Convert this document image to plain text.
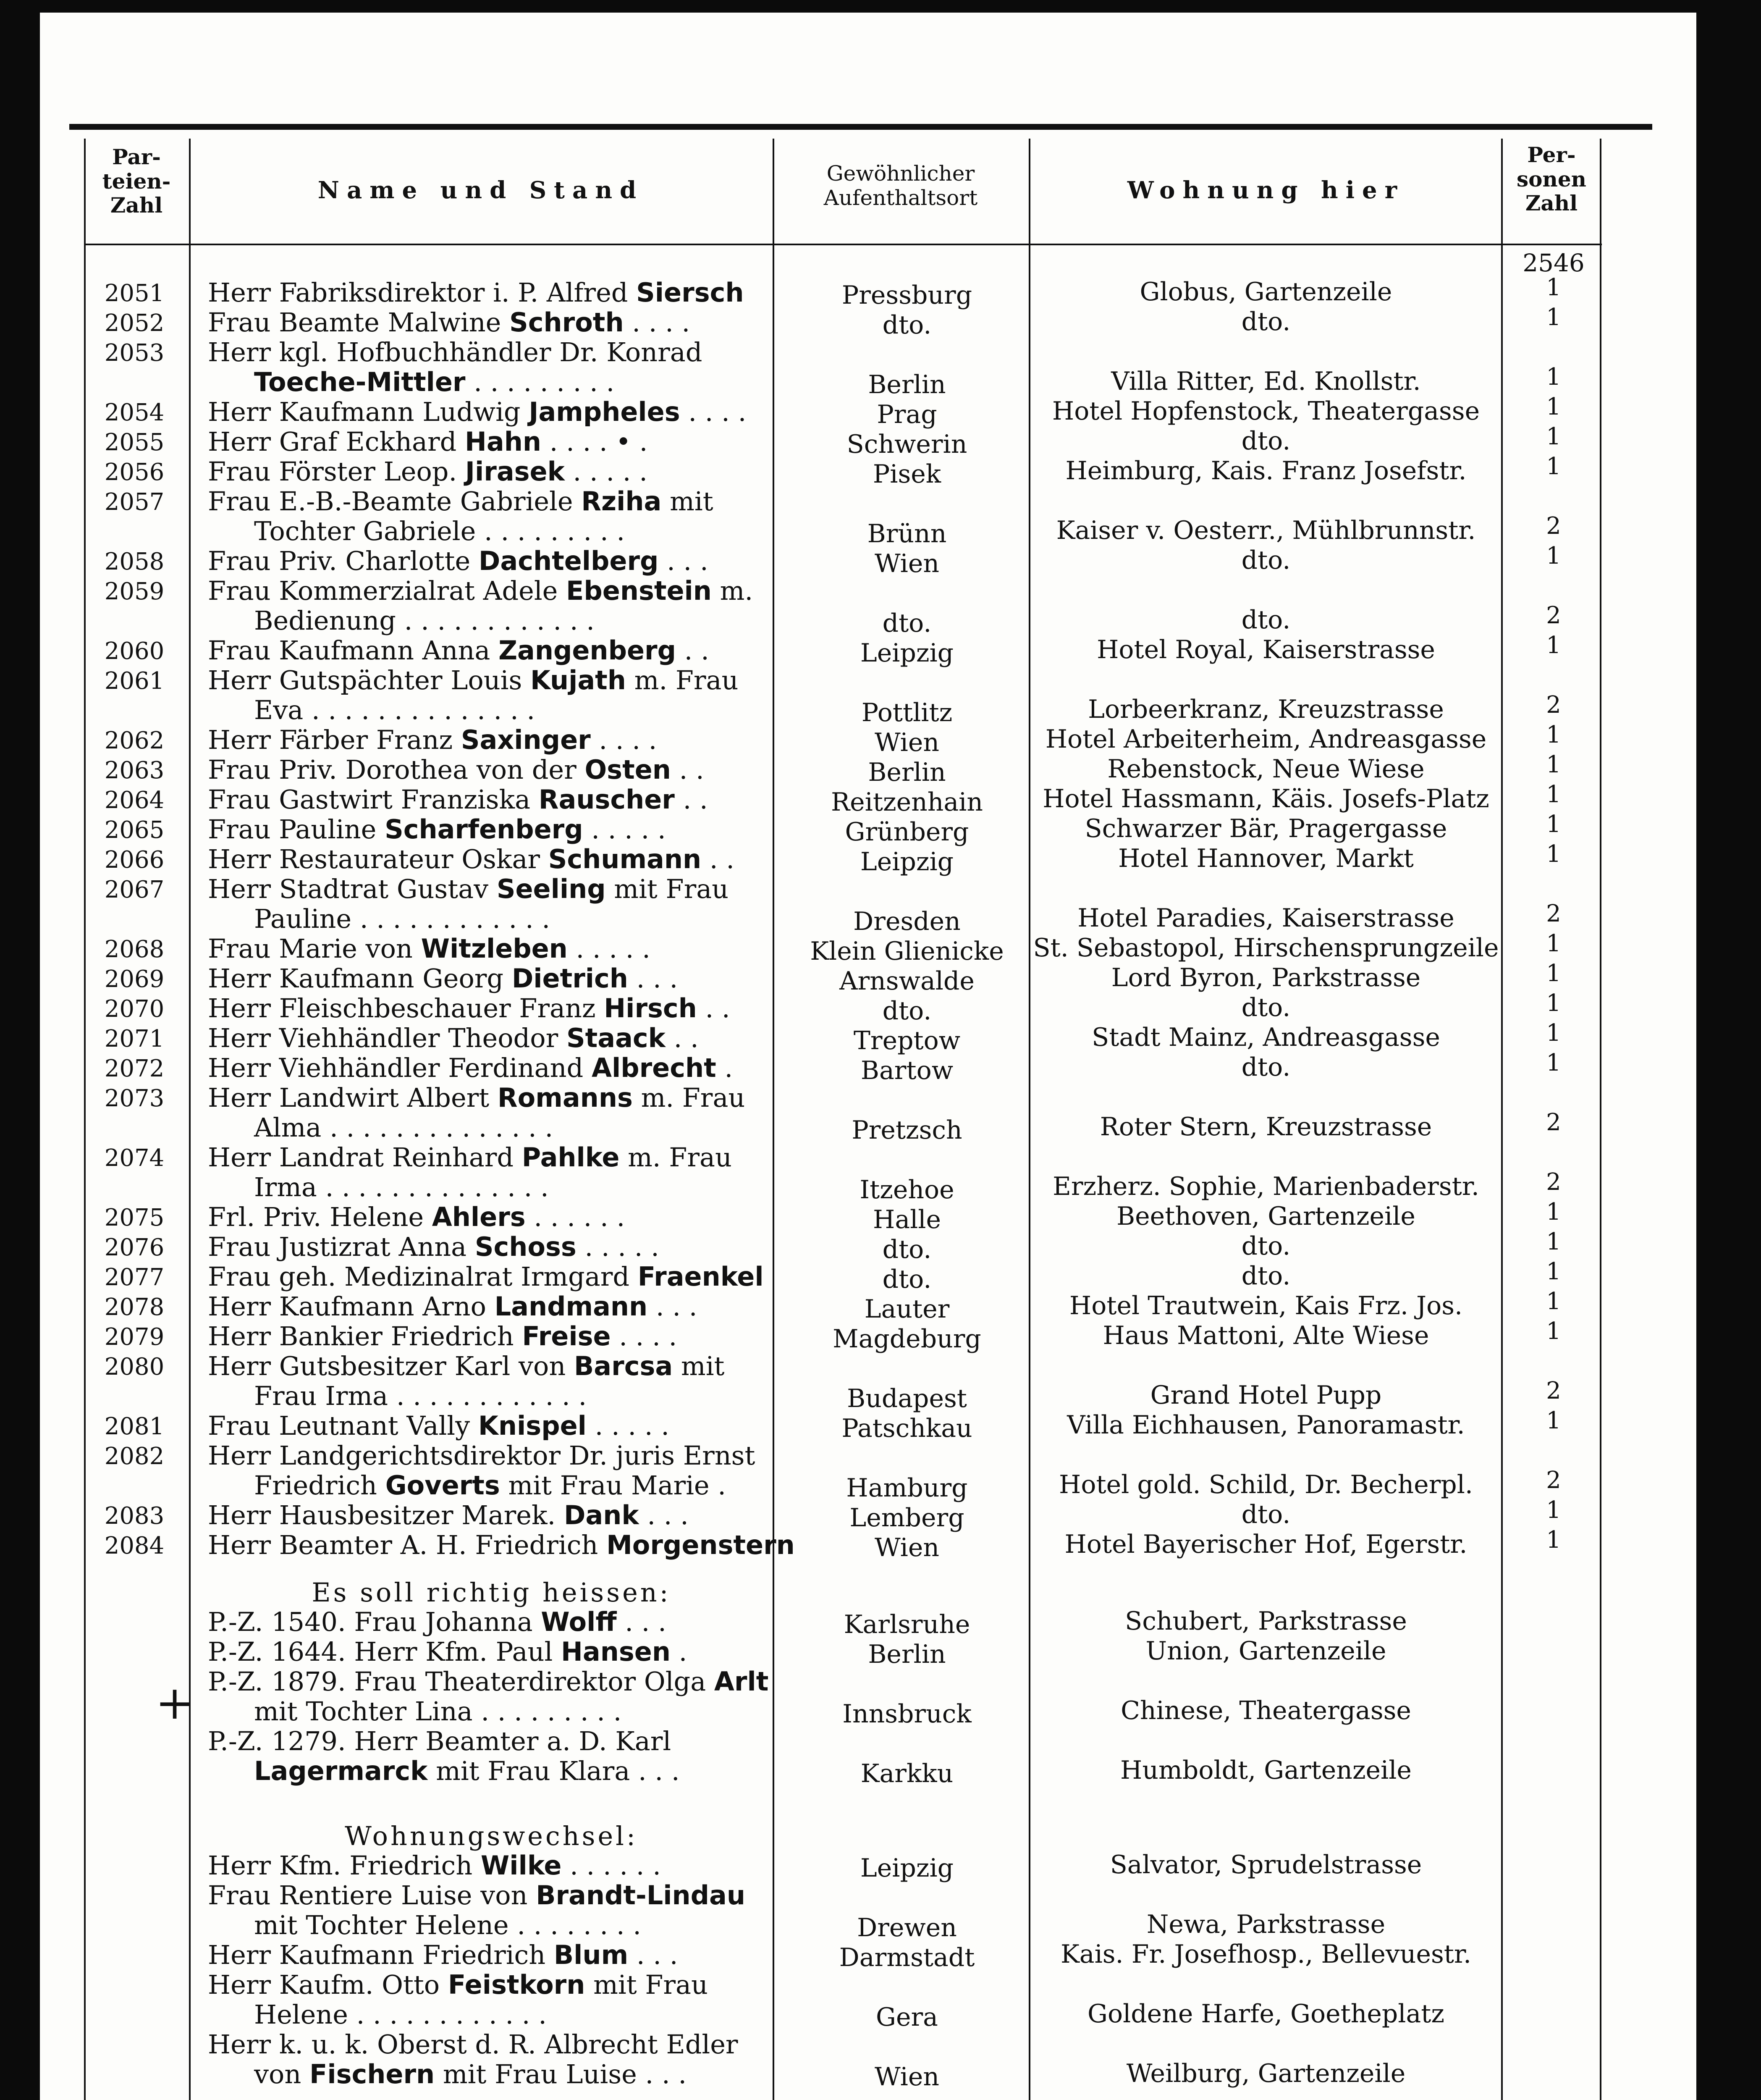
Par-
teien-
Zahl
Name und Stand
Gewöhnlicher
Aufenthaltsort	Wohnung hier
Per-
sonen
Zahl
2546
2051	Herr Fabriksdirektor i. P. Alfred Siersch	Pressburg	Globus, Gartenzeile	1
2052	Frau Beamte Malwine Schroth . . . .	dto.	dto.	1
2053	Herr kgl. Hofbuchhändler Dr. Konrad
Toeche-Mittler . . . . . . . . .	Berlin	Villa Ritter, Ed. Knollstr.	1
2054	Herr Kaufmann Ludwig Jampheles . . . .	Prag	Hotel Hopfenstock, Theatergasse	1
2055	Herr Graf Eckhard Hahn . . . . • .	Schwerin	dto.	1
2056	Frau Förster Leop. Jirasek . . . . .	Pisek	Heimburg, Kais. Franz Josefstr.	1
2057	Frau E.-B.-Beamte Gabriele Rziha mit
Tochter Gabriele . . . . . . . . .	Brünn	Kaiser v. Oesterr., Mühlbrunnstr.	2
2058	Frau Priv. Charlotte Dachtelberg . . .	Wien	dto.	1
2059	Frau Kommerzialrat Adele Ebenstein m.
Bedienung . . . . . . . . . . . .	dto.	dto.	2
2060	Frau Kaufmann Anna Zangenberg . .	Leipzig	Hotel Royal, Kaiserstrasse	1
2061	Herr Gutspächter Louis Kujath m. Frau
Eva . . . . . . . . . . . . . .	Pottlitz	Lorbeerkranz, Kreuzstrasse	2
2062	Herr Färber Franz Saxinger . . . .	Wien	Hotel Arbeiterheim, Andreasgasse	1
2063	Frau Priv. Dorothea von der Osten . .	Berlin	Rebenstock, Neue Wiese	1
2064	Frau Gastwirt Franziska Rauscher . .	Reitzenhain	Hotel Hassmann, Käis. Josefs-Platz	1
2065	Frau Pauline Scharfenberg . . . . .	Grünberg	Schwarzer Bär, Pragergasse	1
2066	Herr Restaurateur Oskar Schumann . .	Leipzig	Hotel Hannover, Markt	1
2067	Herr Stadtrat Gustav Seeling mit Frau
Pauline . . . . . . . . . . . .	Dresden	Hotel Paradies, Kaiserstrasse	2
2068	Frau Marie von Witzleben . . . . .	Klein Glienicke	St. Sebastopol, Hirschensprungzeile	1
2069	Herr Kaufmann Georg Dietrich . . .	Arnswalde	Lord Byron, Parkstrasse	1
2070	Herr Fleischbeschauer Franz Hirsch . .	dto.	dto.	1
2071	Herr Viehhändler Theodor Staack . .	Treptow	Stadt Mainz, Andreasgasse	1
2072	Herr Viehhändler Ferdinand Albrecht .	Bartow	dto.	1
2073	Herr Landwirt Albert Romanns m. Frau
Alma . . . . . . . . . . . . . .	Pretzsch	Roter Stern, Kreuzstrasse	2
2074	Herr Landrat Reinhard Pahlke m. Frau
Irma . . . . . . . . . . . . . .	Itzehoe	Erzherz. Sophie, Marienbaderstr.	2
2075	Frl. Priv. Helene Ahlers . . . . . .	Halle	Beethoven, Gartenzeile	1
2076	Frau Justizrat Anna Schoss . . . . .	dto.	dto.	1
2077	Frau geh. Medizinalrat Irmgard Fraenkel	dto.	dto.	1
2078	Herr Kaufmann Arno Landmann . . .	Lauter	Hotel Trautwein, Kais Frz. Jos.	1
2079	Herr Bankier Friedrich Freise . . . .	Magdeburg	Haus Mattoni, Alte Wiese	1
2080	Herr Gutsbesitzer Karl von Barcsa mit
Frau Irma . . . . . . . . . . . .	Budapest	Grand Hotel Pupp	2
2081	Frau Leutnant Vally Knispel . . . . .	Patschkau	Villa Eichhausen, Panoramastr.	1
2082	Herr Landgerichtsdirektor Dr. juris Ernst
Friedrich Goverts mit Frau Marie .	Hamburg	Hotel gold. Schild, Dr. Becherpl.	2
2083	Herr Hausbesitzer Marek. Dank . . .	Lemberg	dto.	1
2084	Herr Beamter A. H. Friedrich Morgenstern	Wien	Hotel Bayerischer Hof, Egerstr.	1
Es soll richtig heissen:
P.-Z. 1540. Frau Johanna Wolff . . .	Karlsruhe	Schubert, Parkstrasse
P.-Z. 1644. Herr Kfm. Paul Hansen .	Berlin	Union, Gartenzeile
P.-Z. 1879. Frau Theaterdirektor Olga Arlt
mit Tochter Lina . . . . . . . . .	Innsbruck	Chinese, Theatergasse
P.-Z. 1279. Herr Beamter a. D. Karl
Lagermarck mit Frau Klara . . .	Karkku	Humboldt, Gartenzeile
Wohnungswechsel:
Herr Kfm. Friedrich Wilke . . . . . .	Leipzig	Salvator, Sprudelstrasse
Frau Rentiere Luise von Brandt-Lindau
mit Tochter Helene . . . . . . . .	Drewen	Newa, Parkstrasse
Herr Kaufmann Friedrich Blum . . .	Darmstadt	Kais. Fr. Josefhosp., Bellevuestr.
Herr Kaufm. Otto Feistkorn mit Frau
Helene . . . . . . . . . . . .	Gera	Goldene Harfe, Goetheplatz
Herr k. u. k. Oberst d. R. Albrecht Edler
von Fischern mit Frau Luise . . .	Wien	Weilburg, Gartenzeile
+
